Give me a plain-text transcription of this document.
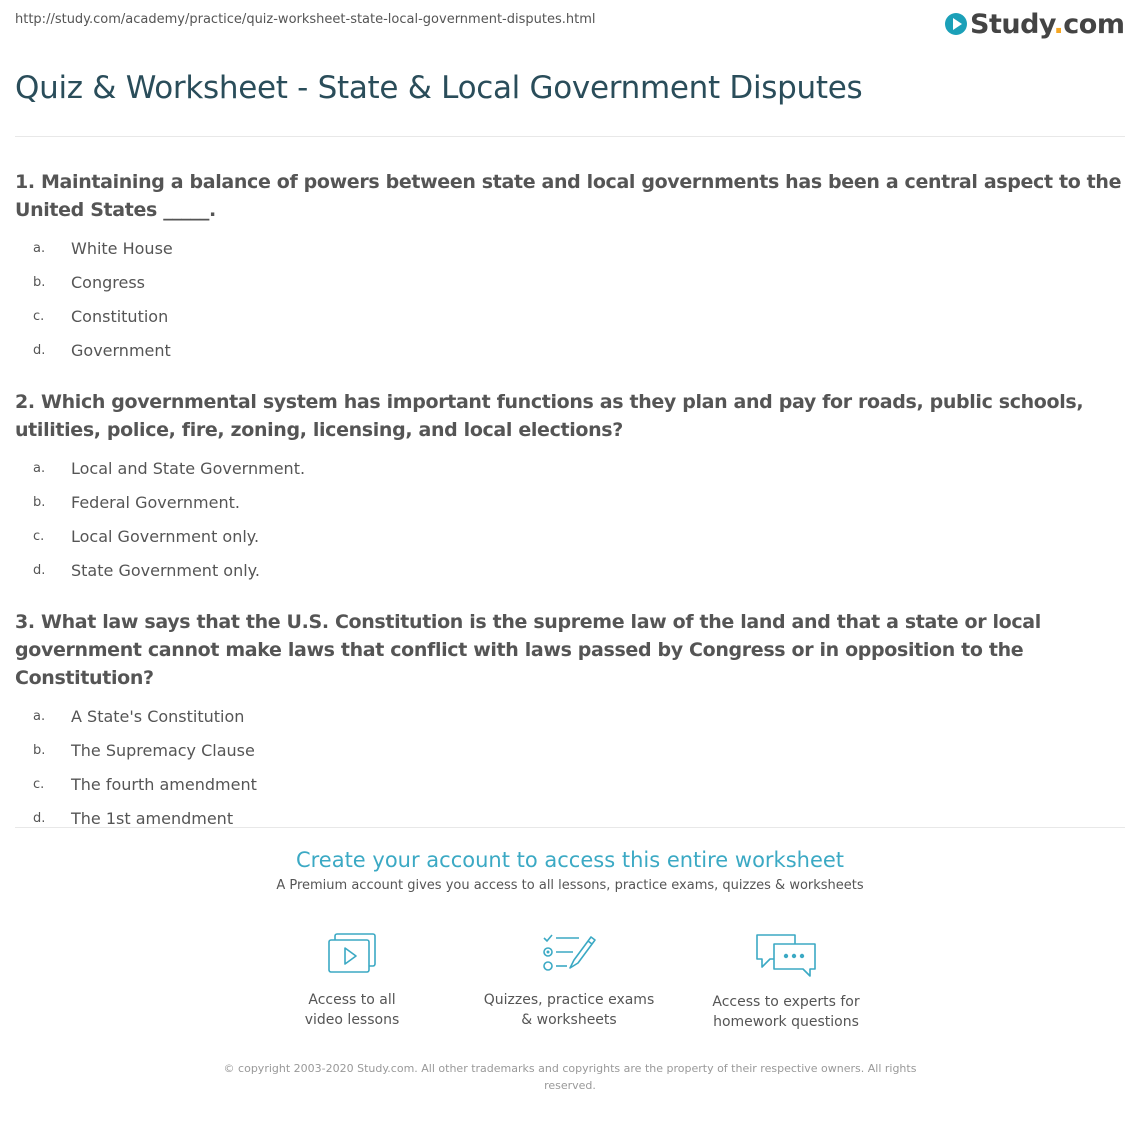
http://study.com/academy/practice/quiz-worksheet-state-local-government-disputes.html	Study.com
Quiz & Worksheet - State & Local Government Disputes

1. Maintaining a balance of powers between state and local governments has been a central aspect to the United States _____.

a.	White House
b.	Congress
c.	Constitution
d.	Government

2. Which governmental system has important functions as they plan and pay for roads, public schools, utilities, police, fire, zoning, licensing, and local elections?

a.	Local and State Government.
b.	Federal Government.
c.	Local Government only.
d.	State Government only.

3. What law says that the U.S. Constitution is the supreme law of the land and that a state or local government cannot make laws that conflict with laws passed by Congress or in opposition to the Constitution?

a.	A State's Constitution
b.	The Supremacy Clause
c.	The fourth amendment
d.	The 1st amendment
Create your account to access this entire worksheet
A Premium account gives you access to all lessons, practice exams, quizzes & worksheets
Access to all
video lessons
Quizzes, practice exams
& worksheets
Access to experts for
homework questions
© copyright 2003-2020 Study.com. All other trademarks and copyrights are the property of their respective owners. All rights reserved.
